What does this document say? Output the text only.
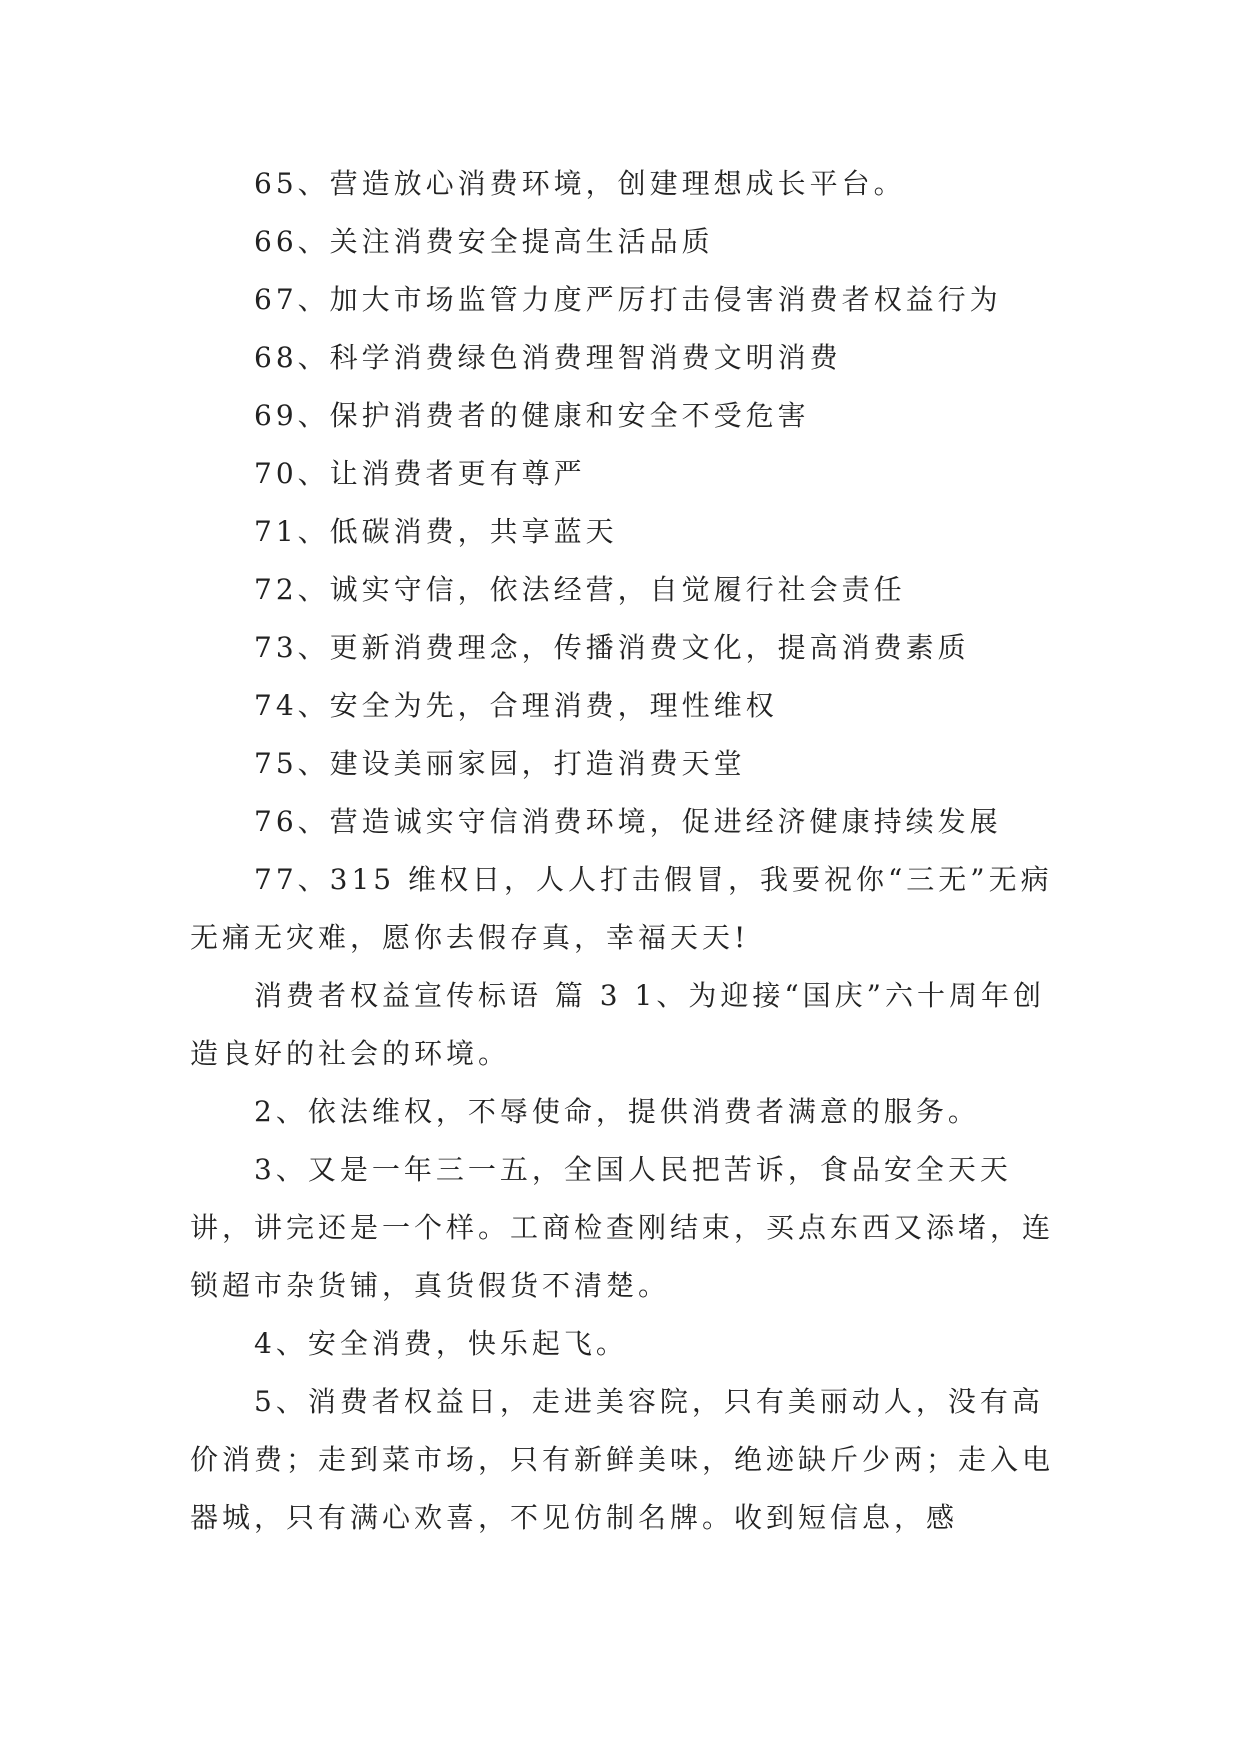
65、营造放心消费环境，创建理想成长平台。

66、关注消费安全提高生活品质

67、加大市场监管力度严厉打击侵害消费者权益行为

68、科学消费绿色消费理智消费文明消费

69、保护消费者的健康和安全不受危害

70、让消费者更有尊严

71、低碳消费，共享蓝天

72、诚实守信，依法经营，自觉履行社会责任

73、更新消费理念，传播消费文化，提高消费素质

74、安全为先，合理消费，理性维权

75、建设美丽家园，打造消费天堂

76、营造诚实守信消费环境，促进经济健康持续发展

77、315 维权日，人人打击假冒，我要祝你“三无”无病无痛无灾难，愿你去假存真，幸福天天!

消费者权益宣传标语 篇 3 1、为迎接“国庆”六十周年创造良好的社会的环境。

2、依法维权，不辱使命，提供消费者满意的服务。

3、又是一年三一五，全国人民把苦诉，食品安全天天讲，讲完还是一个样。工商检查刚结束，买点东西又添堵，连锁超市杂货铺，真货假货不清楚。

4、安全消费，快乐起飞。

5、消费者权益日，走进美容院，只有美丽动人，没有高价消费；走到菜市场，只有新鲜美味，绝迹缺斤少两；走入电器城，只有满心欢喜，不见仿制名牌。收到短信息，感
